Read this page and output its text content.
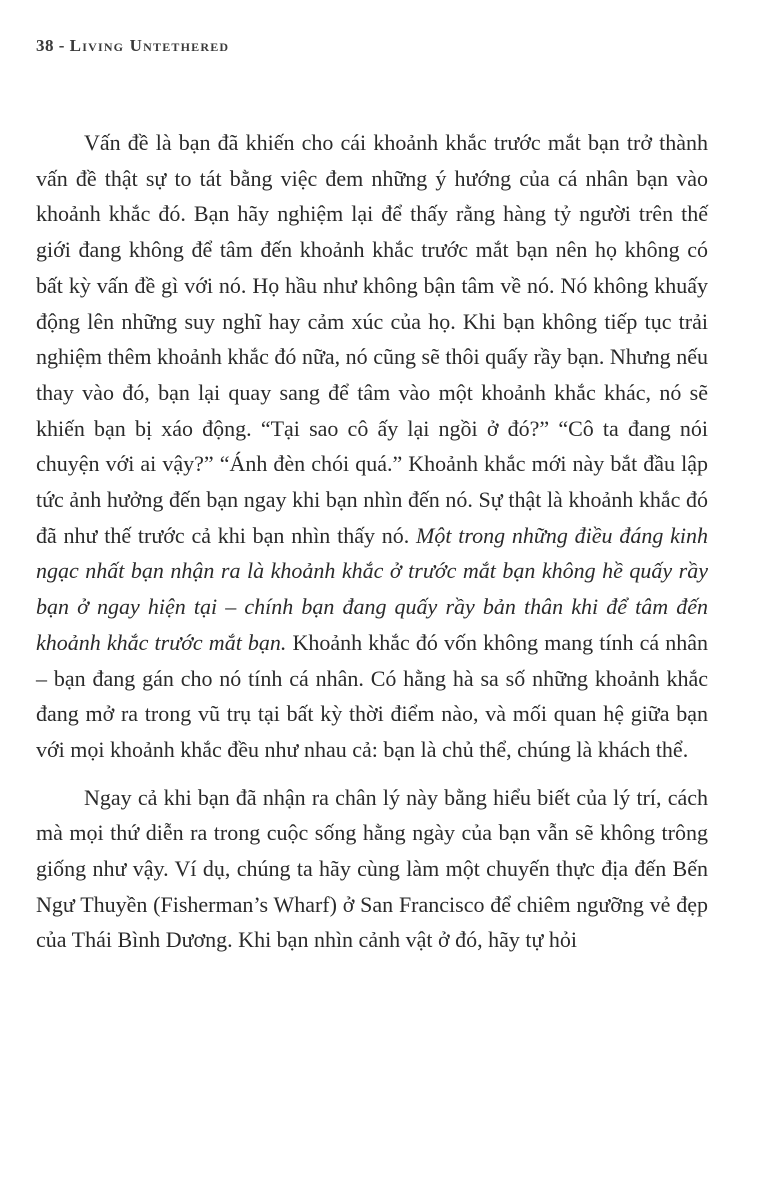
38 - Living Untethered

Vấn đề là bạn đã khiến cho cái khoảnh khắc trước mắt bạn trở thành vấn đề thật sự to tát bằng việc đem những ý hướng của cá nhân bạn vào khoảnh khắc đó. Bạn hãy nghiệm lại để thấy rằng hàng tỷ người trên thế giới đang không để tâm đến khoảnh khắc trước mắt bạn nên họ không có bất kỳ vấn đề gì với nó. Họ hầu như không bận tâm về nó. Nó không khuấy động lên những suy nghĩ hay cảm xúc của họ. Khi bạn không tiếp tục trải nghiệm thêm khoảnh khắc đó nữa, nó cũng sẽ thôi quấy rầy bạn. Nhưng nếu thay vào đó, bạn lại quay sang để tâm vào một khoảnh khắc khác, nó sẽ khiến bạn bị xáo động. “Tại sao cô ấy lại ngồi ở đó?” “Cô ta đang nói chuyện với ai vậy?” “Ánh đèn chói quá.” Khoảnh khắc mới này bắt đầu lập tức ảnh hưởng đến bạn ngay khi bạn nhìn đến nó. Sự thật là khoảnh khắc đó đã như thế trước cả khi bạn nhìn thấy nó. Một trong những điều đáng kinh ngạc nhất bạn nhận ra là khoảnh khắc ở trước mắt bạn không hề quấy rầy bạn ở ngay hiện tại – chính bạn đang quấy rầy bản thân khi để tâm đến khoảnh khắc trước mắt bạn. Khoảnh khắc đó vốn không mang tính cá nhân – bạn đang gán cho nó tính cá nhân. Có hằng hà sa số những khoảnh khắc đang mở ra trong vũ trụ tại bất kỳ thời điểm nào, và mối quan hệ giữa bạn với mọi khoảnh khắc đều như nhau cả: bạn là chủ thể, chúng là khách thể.

Ngay cả khi bạn đã nhận ra chân lý này bằng hiểu biết của lý trí, cách mà mọi thứ diễn ra trong cuộc sống hằng ngày của bạn vẫn sẽ không trông giống như vậy. Ví dụ, chúng ta hãy cùng làm một chuyến thực địa đến Bến Ngư Thuyền (Fisherman’s Wharf) ở San Francisco để chiêm ngưỡng vẻ đẹp của Thái Bình Dương. Khi bạn nhìn cảnh vật ở đó, hãy tự hỏi
